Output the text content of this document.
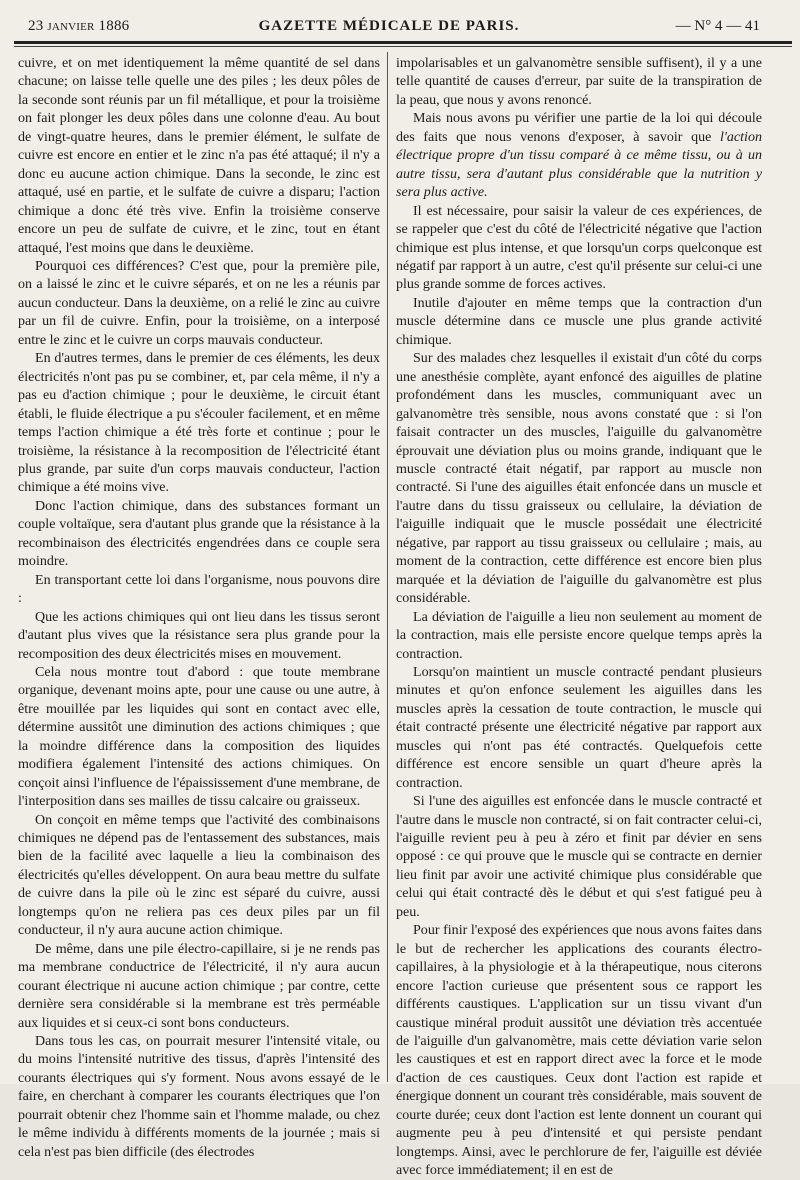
23 JANVIER 1886	GAZETTE MÉDICALE DE PARIS.	— N° 4 — 41

cuivre, et on met identiquement la même quantité de sel dans chacune; on laisse telle quelle une des piles ; les deux pôles de la seconde sont réunis par un fil métallique, et pour la troisième on fait plonger les deux pôles dans une colonne d'eau. Au bout de vingt-quatre heures, dans le premier élément, le sulfate de cuivre est encore en entier et le zinc n'a pas été attaqué; il n'y a donc eu aucune action chimique. Dans la seconde, le zinc est attaqué, usé en partie, et le sulfate de cuivre a disparu; l'action chimique a donc été très vive. Enfin la troisième conserve encore un peu de sulfate de cuivre, et le zinc, tout en étant attaqué, l'est moins que dans le deuxième.

Pourquoi ces différences? C'est que, pour la première pile, on a laissé le zinc et le cuivre séparés, et on ne les a réunis par aucun conducteur. Dans la deuxième, on a relié le zinc au cuivre par un fil de cuivre. Enfin, pour la troisième, on a interposé entre le zinc et le cuivre un corps mauvais conducteur.

En d'autres termes, dans le premier de ces éléments, les deux électricités n'ont pas pu se combiner, et, par cela même, il n'y a pas eu d'action chimique ; pour le deuxième, le circuit étant établi, le fluide électrique a pu s'écouler facilement, et en même temps l'action chimique a été très forte et continue ; pour le troisième, la résistance à la recomposition de l'électricité étant plus grande, par suite d'un corps mauvais conducteur, l'action chimique a été moins vive.

Donc l'action chimique, dans des substances formant un couple voltaïque, sera d'autant plus grande que la résistance à la recombinaison des électricités engendrées dans ce couple sera moindre.

En transportant cette loi dans l'organisme, nous pouvons dire :

Que les actions chimiques qui ont lieu dans les tissus seront d'autant plus vives que la résistance sera plus grande pour la recomposition des deux électricités mises en mouvement.

Cela nous montre tout d'abord : que toute membrane organique, devenant moins apte, pour une cause ou une autre, à être mouillée par les liquides qui sont en contact avec elle, détermine aussitôt une diminution des actions chimiques ; que la moindre différence dans la composition des liquides modifiera également l'intensité des actions chimiques. On conçoit ainsi l'influence de l'épaississement d'une membrane, de l'interposition dans ses mailles de tissu calcaire ou graisseux.

On conçoit en même temps que l'activité des combinaisons chimiques ne dépend pas de l'entassement des substances, mais bien de la facilité avec laquelle a lieu la combinaison des électricités qu'elles développent. On aura beau mettre du sulfate de cuivre dans la pile où le zinc est séparé du cuivre, aussi longtemps qu'on ne reliera pas ces deux piles par un fil conducteur, il n'y aura aucune action chimique.

De même, dans une pile électro-capillaire, si je ne rends pas ma membrane conductrice de l'électricité, il n'y aura aucun courant électrique ni aucune action chimique ; par contre, cette dernière sera considérable si la membrane est très perméable aux liquides et si ceux-ci sont bons conducteurs.

Dans tous les cas, on pourrait mesurer l'intensité vitale, ou du moins l'intensité nutritive des tissus, d'après l'intensité des courants électriques qui s'y forment. Nous avons essayé de le faire, en cherchant à comparer les courants électriques que l'on pourrait obtenir chez l'homme sain et l'homme malade, ou chez le même individu à différents moments de la journée ; mais si cela n'est pas bien difficile (des électrodes

impolarisables et un galvanomètre sensible suffisent), il y a une telle quantité de causes d'erreur, par suite de la transpiration de la peau, que nous y avons renoncé.

Mais nous avons pu vérifier une partie de la loi qui découle des faits que nous venons d'exposer, à savoir que l'action électrique propre d'un tissu comparé à ce même tissu, ou à un autre tissu, sera d'autant plus considérable que la nutrition y sera plus active.

Il est nécessaire, pour saisir la valeur de ces expériences, de se rappeler que c'est du côté de l'électricité négative que l'action chimique est plus intense, et que lorsqu'un corps quelconque est négatif par rapport à un autre, c'est qu'il présente sur celui-ci une plus grande somme de forces actives.

Inutile d'ajouter en même temps que la contraction d'un muscle détermine dans ce muscle une plus grande activité chimique.

Sur des malades chez lesquelles il existait d'un côté du corps une anesthésie complète, ayant enfoncé des aiguilles de platine profondément dans les muscles, communiquant avec un galvanomètre très sensible, nous avons constaté que : si l'on faisait contracter un des muscles, l'aiguille du galvanomètre éprouvait une déviation plus ou moins grande, indiquant que le muscle contracté était négatif, par rapport au muscle non contracté. Si l'une des aiguilles était enfoncée dans un muscle et l'autre dans du tissu graisseux ou cellulaire, la déviation de l'aiguille indiquait que le muscle possédait une électricité négative, par rapport au tissu graisseux ou cellulaire ; mais, au moment de la contraction, cette différence est encore bien plus marquée et la déviation de l'aiguille du galvanomètre est plus considérable.

La déviation de l'aiguille a lieu non seulement au moment de la contraction, mais elle persiste encore quelque temps après la contraction.

Lorsqu'on maintient un muscle contracté pendant plusieurs minutes et qu'on enfonce seulement les aiguilles dans les muscles après la cessation de toute contraction, le muscle qui était contracté présente une électricité négative par rapport aux muscles qui n'ont pas été contractés. Quelquefois cette différence est encore sensible un quart d'heure après la contraction.

Si l'une des aiguilles est enfoncée dans le muscle contracté et l'autre dans le muscle non contracté, si on fait contracter celui-ci, l'aiguille revient peu à peu à zéro et finit par dévier en sens opposé : ce qui prouve que le muscle qui se contracte en dernier lieu finit par avoir une activité chimique plus considérable que celui qui était contracté dès le début et qui s'est fatigué peu à peu.

Pour finir l'exposé des expériences que nous avons faites dans le but de rechercher les applications des courants électro-capillaires, à la physiologie et à la thérapeutique, nous citerons encore l'action curieuse que présentent sous ce rapport les différents caustiques. L'application sur un tissu vivant d'un caustique minéral produit aussitôt une déviation très accentuée de l'aiguille d'un galvanomètre, mais cette déviation varie selon les caustiques et est en rapport direct avec la force et le mode d'action de ces caustiques. Ceux dont l'action est rapide et énergique donnent un courant très considérable, mais souvent de courte durée; ceux dont l'action est lente donnent un courant qui augmente peu à peu d'intensité et qui persiste pendant longtemps. Ainsi, avec le perchlorure de fer, l'aiguille est déviée avec force immédiatement; il en est de
